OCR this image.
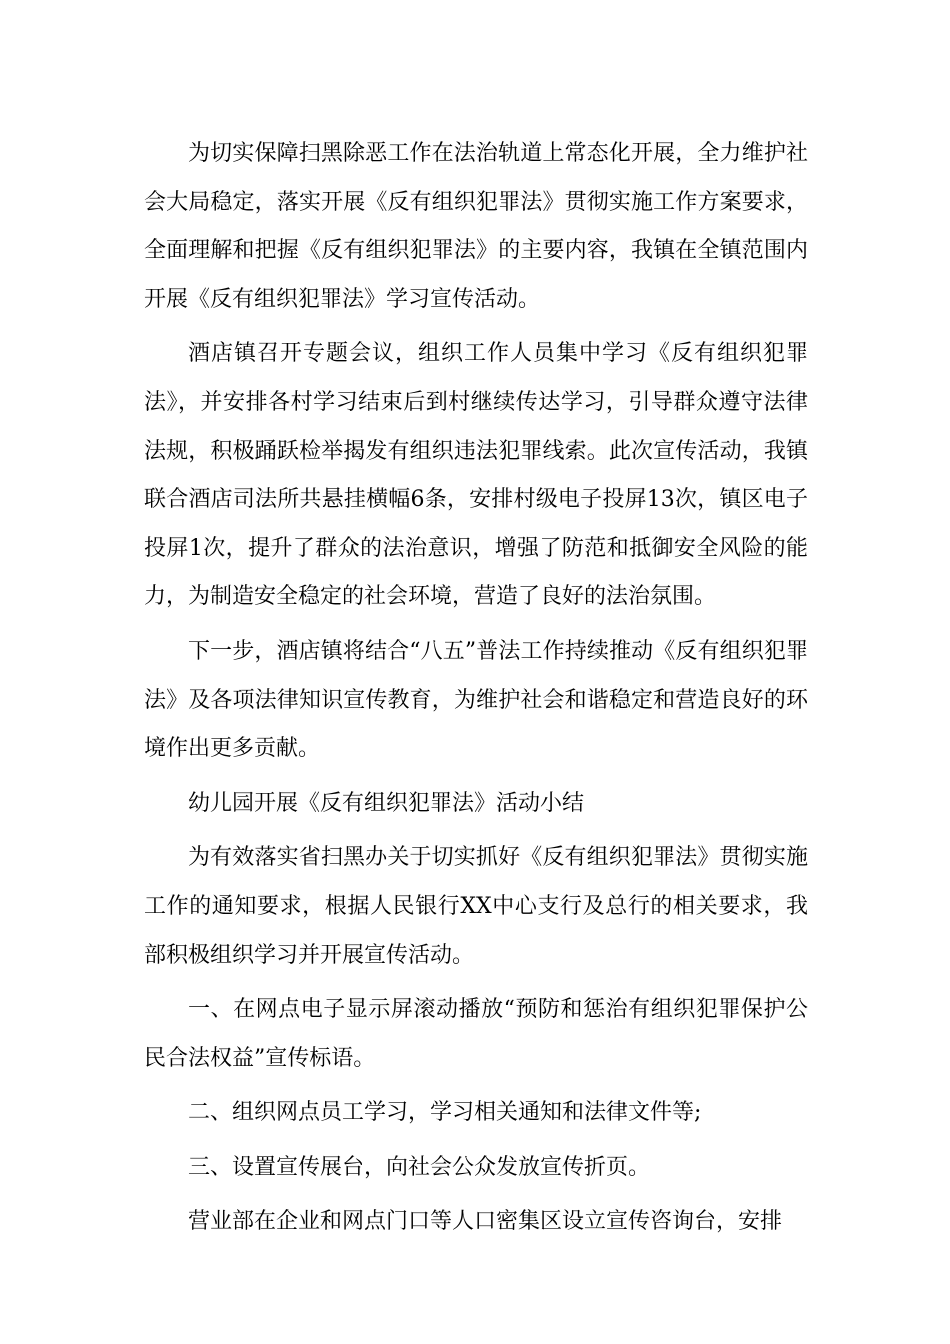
为切实保障扫黑除恶工作在法治轨道上常态化开展，全力维护社会大局稳定，落实开展《反有组织犯罪法》贯彻实施工作方案要求，全面理解和把握《反有组织犯罪法》的主要内容，我镇在全镇范围内开展《反有组织犯罪法》学习宣传活动。

酒店镇召开专题会议，组织工作人员集中学习《反有组织犯罪法》，并安排各村学习结束后到村继续传达学习，引导群众遵守法律法规，积极踊跃检举揭发有组织违法犯罪线索。此次宣传活动，我镇联合酒店司法所共悬挂横幅6条，安排村级电子投屏13次，镇区电子投屏1次，提升了群众的法治意识，增强了防范和抵御安全风险的能力，为制造安全稳定的社会环境，营造了良好的法治氛围。

下一步，酒店镇将结合“八五”普法工作持续推动《反有组织犯罪法》及各项法律知识宣传教育，为维护社会和谐稳定和营造良好的环境作出更多贡献。

幼儿园开展《反有组织犯罪法》活动小结

为有效落实省扫黑办关于切实抓好《反有组织犯罪法》贯彻实施工作的通知要求，根据人民银行XX中心支行及总行的相关要求，我部积极组织学习并开展宣传活动。

一、在网点电子显示屏滚动播放“预防和惩治有组织犯罪保护公民合法权益”宣传标语。

二、组织网点员工学习，学习相关通知和法律文件等;

三、设置宣传展台，向社会公众发放宣传折页。

营业部在企业和网点门口等人口密集区设立宣传咨询台，安排
